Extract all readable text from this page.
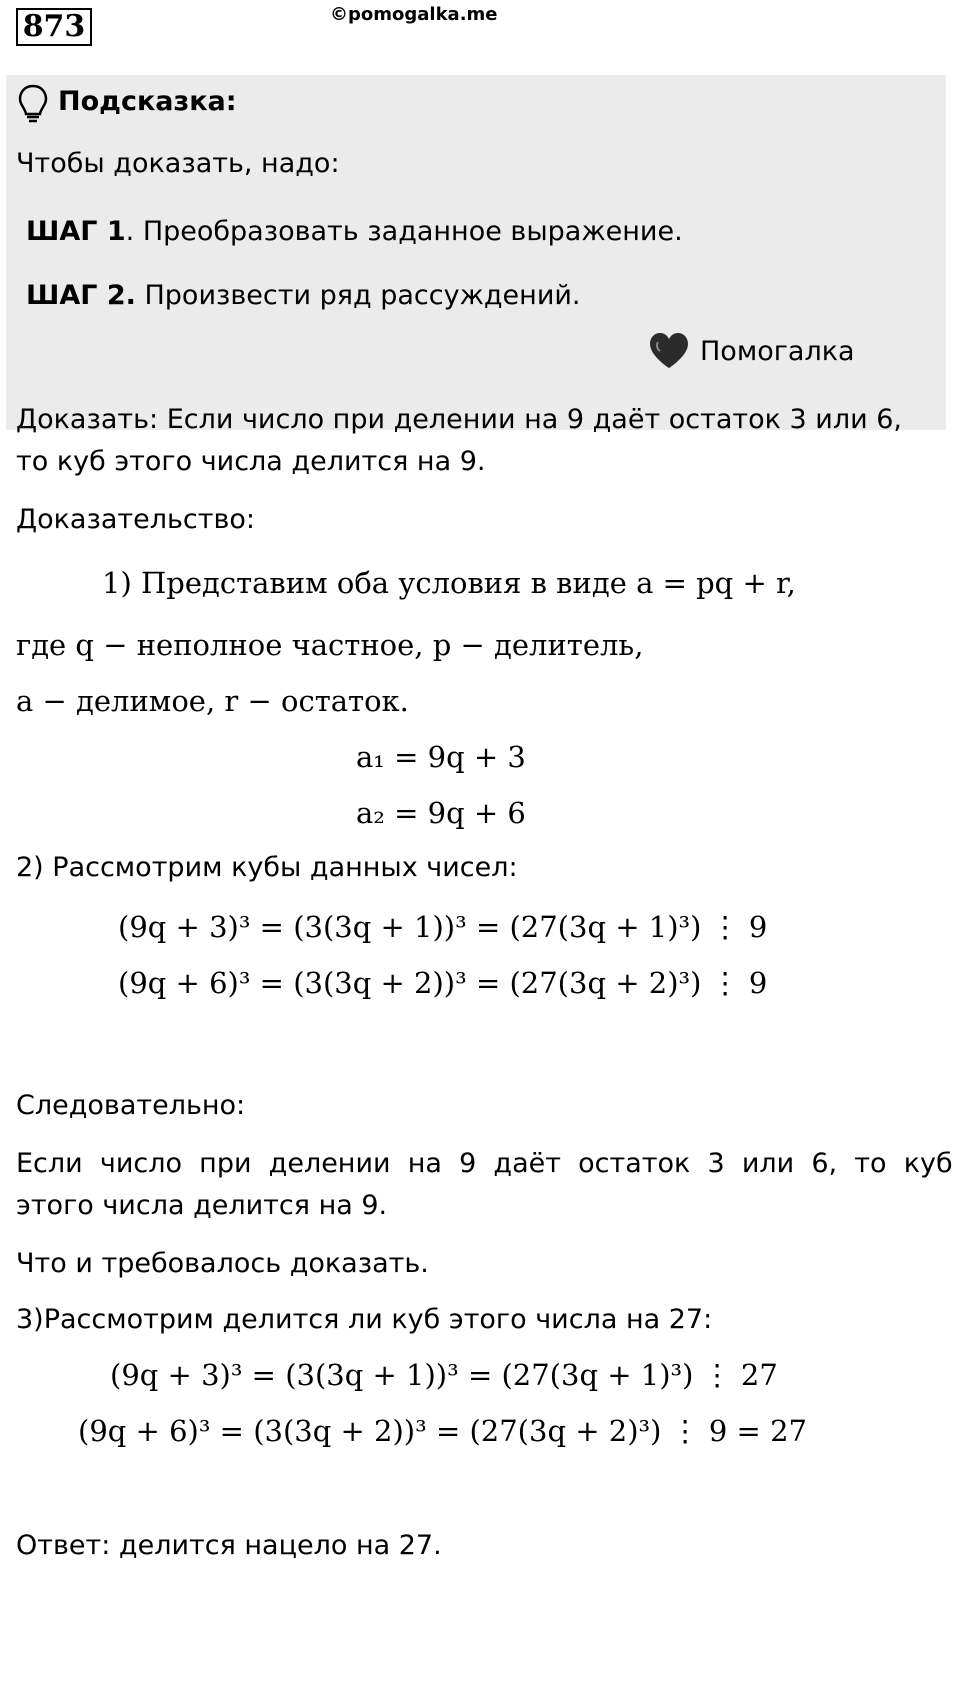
873	©pomogalka.me
Подсказка:
Чтобы доказать, надо:
ШАГ 1. Преобразовать заданное выражение.
ШАГ 2. Произвести ряд рассуждений.
Помогалка
Доказать: Если число при делении на 9 даёт остаток 3 или 6,
то куб этого числа делится на 9.
Доказательство:
1) Представим оба условия в виде a = pq + r,
где q − неполное частное, p − делитель,
a − делимое, r − остаток.
a₁ = 9q + 3
a₂ = 9q + 6
2) Рассмотрим кубы данных чисел:
(9q + 3)³ = (3(3q + 1))³ = (27(3q + 1)³) ⋮ 9
(9q + 6)³ = (3(3q + 2))³ = (27(3q + 2)³) ⋮ 9
Следовательно:
Если  число  при  делении  на  9  даёт  остаток  3  или  6,  то  куб
этого числа делится на 9.
Что и требовалось доказать.
3)Рассмотрим делится ли куб этого числа на 27:
(9q + 3)³ = (3(3q + 1))³ = (27(3q + 1)³) ⋮ 27
(9q + 6)³ = (3(3q + 2))³ = (27(3q + 2)³) ⋮ 9 = 27
Ответ: делится нацело на 27.
